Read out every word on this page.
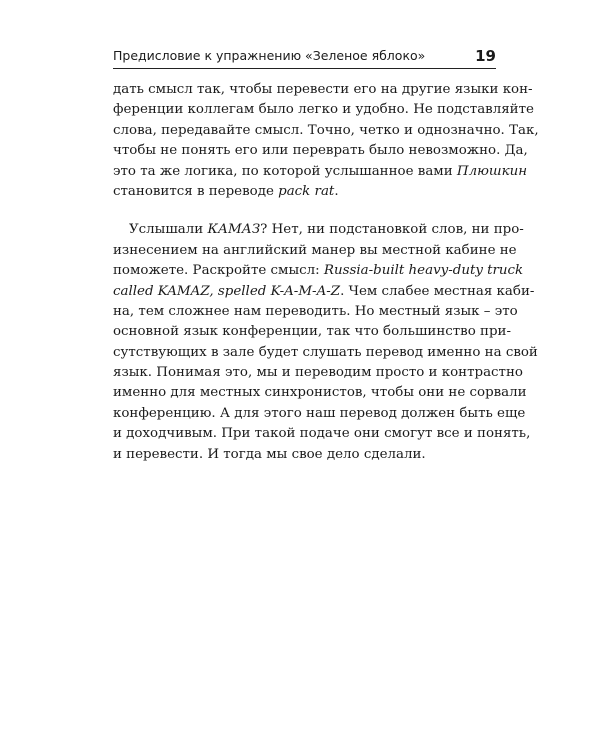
Предисловие к упражнению «Зеленое яблоко»	19
дать смысл так, чтобы перевести его на другие языки кон-
ференции коллегам было легко и удобно. Не подставляйте
слова, передавайте смысл. Точно, четко и однозначно. Так,
чтобы не понять его или переврать было невозможно. Да,
это та же логика, по которой услышанное вами Плюшкин
становится в переводе pack rat.
Услышали КАМАЗ? Нет, ни подстановкой слов, ни про-
изнесением на английский манер вы местной кабине не
поможете. Раскройте смысл: Russia-built heavy-duty truck
called KAMAZ, spelled K-A-M-A-Z. Чем слабее местная каби-
на, тем сложнее нам переводить. Но местный язык – это
основной язык конференции, так что большинство при-
сутствующих в зале будет слушать перевод именно на свой
язык. Понимая это, мы и переводим просто и контрастно
именно для местных синхронистов, чтобы они не сорвали
конференцию. А для этого наш перевод должен быть еще
и доходчивым. При такой подаче они смогут все и понять,
и перевести. И тогда мы свое дело сделали.
